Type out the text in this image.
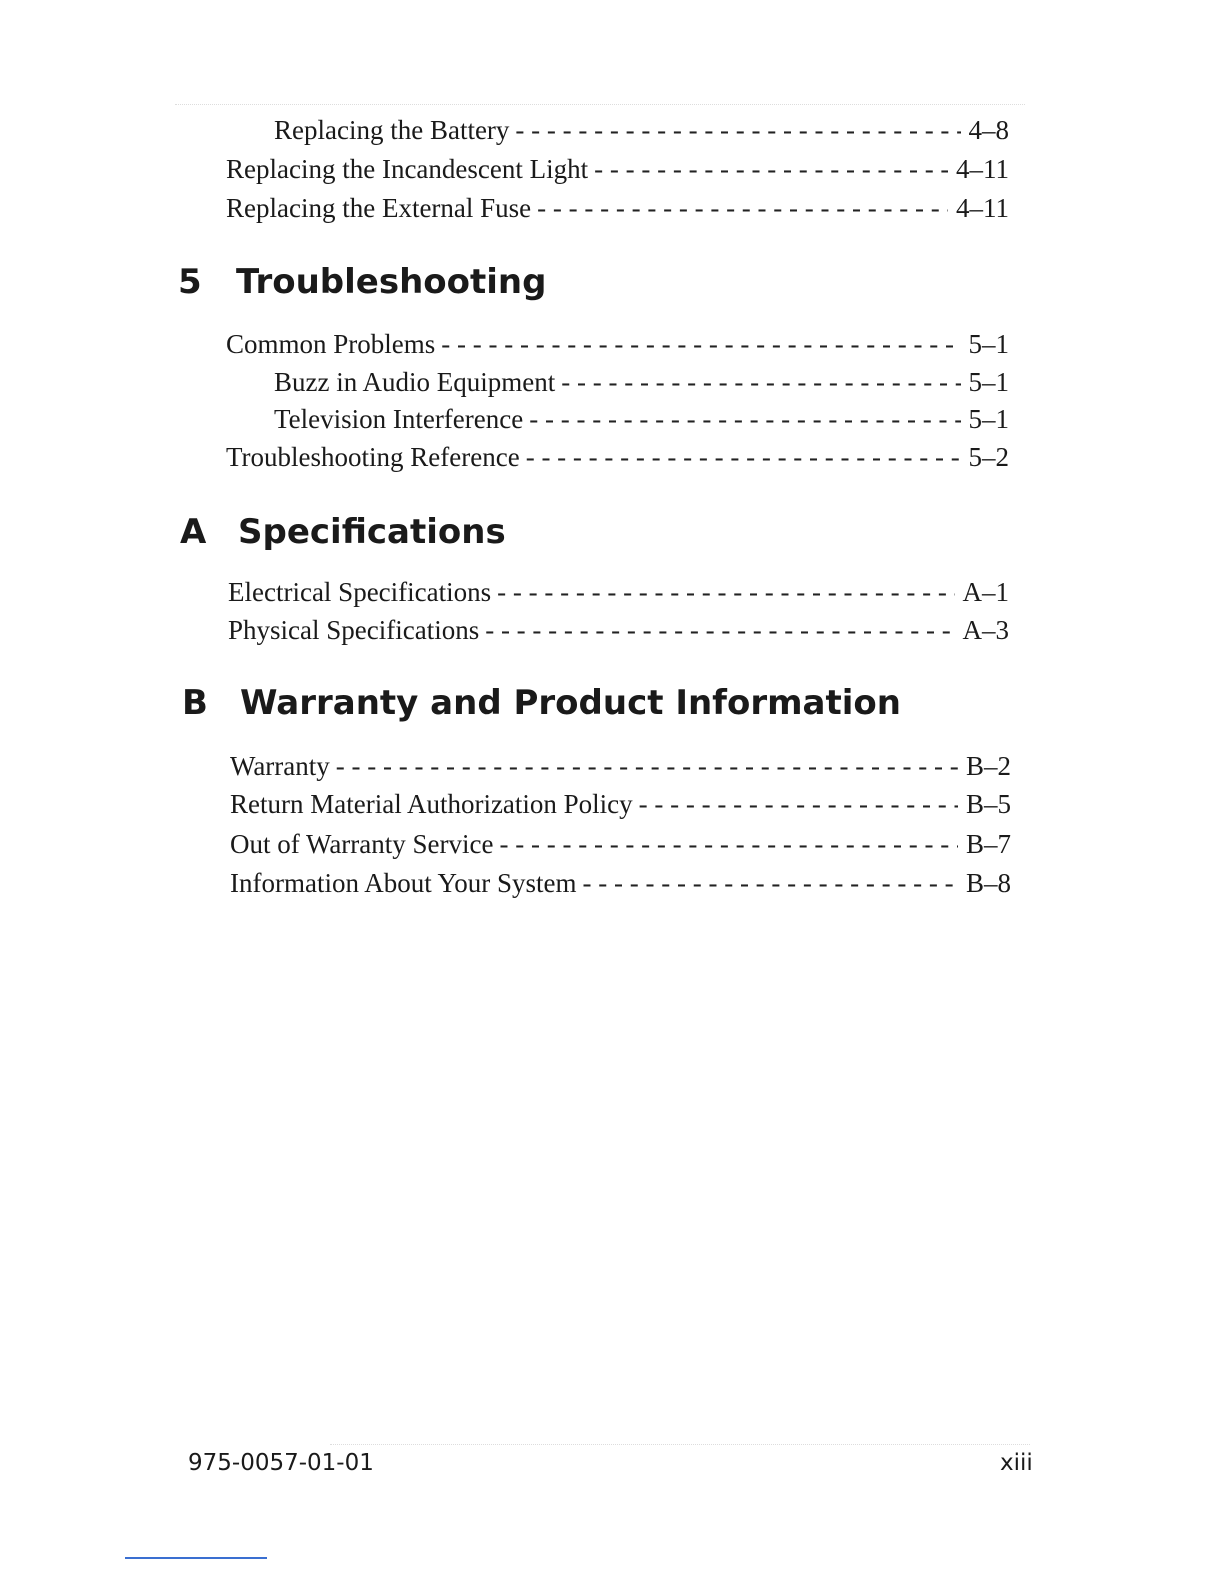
Replacing the Battery - - -	4–8
Replacing the Incandescent Light - - -	4–11
Replacing the External Fuse - - -	4–11
5	Troubleshooting
Common Problems - - -	5–1
Buzz in Audio Equipment - - -	5–1
Television Interference - - -	5–1
Troubleshooting Reference - - -	5–2
A Specifications
Electrical Specifications - - -	A–1
Physical Specifications - - -	A–3
B Warranty and Product Information
Warranty - - -	B–2
Return Material Authorization Policy - - -	B–5
Out of Warranty Service - - -	B–7
Information About Your System - - -	B–8
975-0057-01-01	xiii
